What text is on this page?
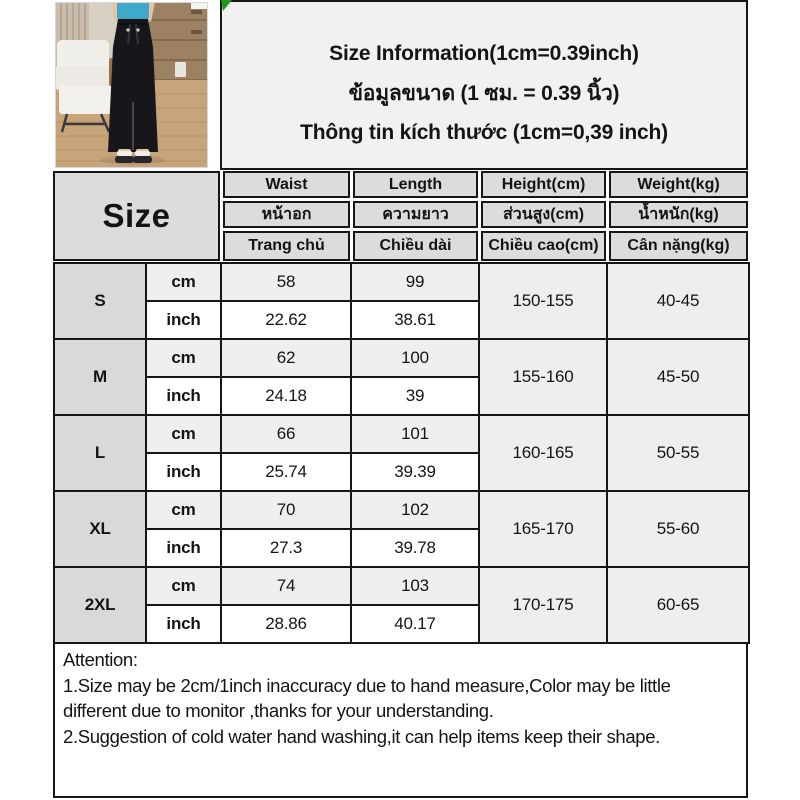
Size Information(1cm=0.39inch)
ข้อมูลขนาด (1 ซม. = 0.39 นิ้ว)
Thông tin kích thước (1cm=0,39 inch)
Size
Waist	Length	Height(cm)	Weight(kg)
หน้าอก	ความยาว	ส่วนสูง(cm)	น้ำหนัก(kg)
Trang chủ	Chiều dài	Chiều cao(cm)	Cân nặng(kg)
S	cm	58	99	150-155	40-45
	inch	22.62	38.61		
M	cm	62	100	155-160	45-50
	inch	24.18	39		
L	cm	66	101	160-165	50-55
	inch	25.74	39.39		
XL	cm	70	102	165-170	55-60
	inch	27.3	39.78		
2XL	cm	74	103	170-175	60-65
	inch	28.86	40.17		
Attention:
1.Size may be 2cm/1inch inaccuracy due to hand measure,Color may be little different due to monitor ,thanks for your understanding.
2.Suggestion of cold water hand washing,it can help items keep their shape.
